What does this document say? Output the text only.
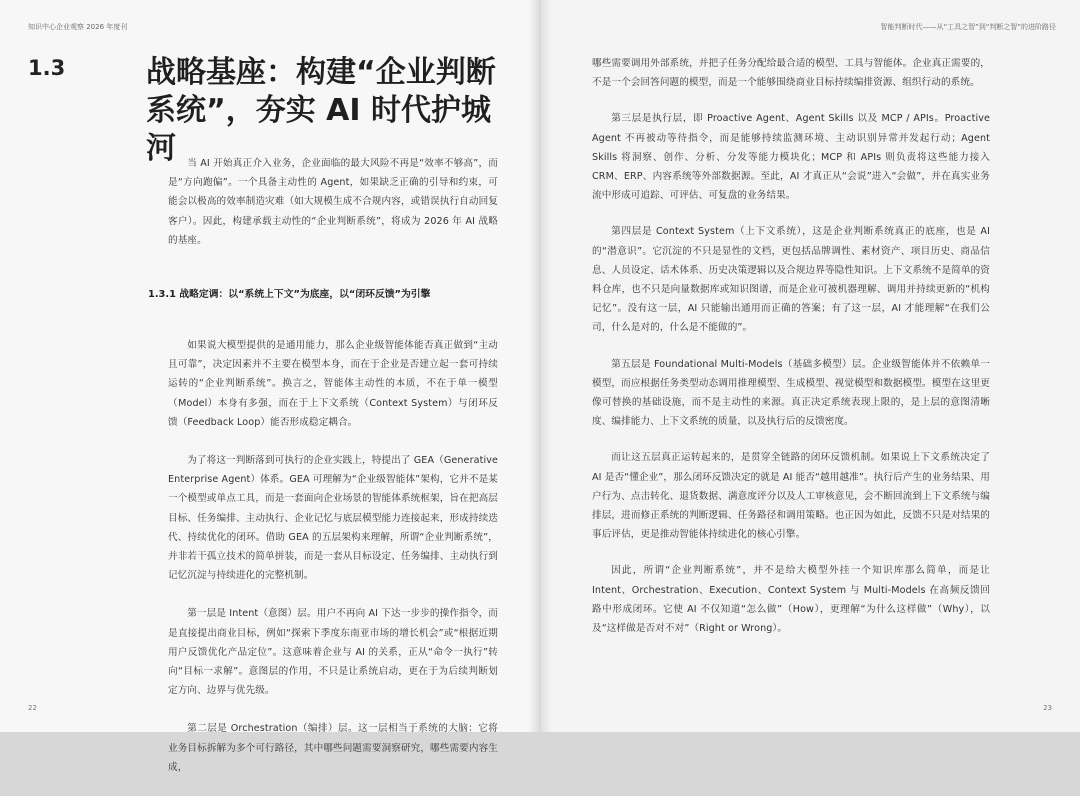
知识中心企业观察 2026 年度刊
1.3	战略基座：构建“企业判断系统”，夯实 AI 时代护城河	当 AI 开始真正介入业务，企业面临的最大风险不再是“效率不够高”，而是“方向跑偏”。一个具备主动性的 Agent，如果缺乏正确的引导和约束，可能会以极高的效率制造灾难（如大规模生成不合规内容，或错误执行自动回复客户）。因此，构建承载主动性的“企业判断系统”，将成为 2026 年 AI 战略的基座。

1.3.1 战略定调：以“系统上下文”为底座，以“闭环反馈”为引擎

如果说大模型提供的是通用能力，那么企业级智能体能否真正做到“主动且可靠”，决定因素并不主要在模型本身，而在于企业是否建立起一套可持续运转的“企业判断系统”。换言之，智能体主动性的本质，不在于单一模型（Model）本身有多强，而在于上下文系统（Context System）与闭环反馈（Feedback Loop）能否形成稳定耦合。

为了将这一判断落到可执行的企业实践上，特提出了 GEA（Generative Enterprise Agent）体系。GEA 可理解为“企业级智能体”架构，它并不是某一个模型或单点工具，而是一套面向企业场景的智能体系统框架，旨在把高层目标、任务编排、主动执行、企业记忆与底层模型能力连接起来，形成持续迭代、持续优化的闭环。借助 GEA 的五层架构来理解，所谓“企业判断系统”，并非若干孤立技术的简单拼装，而是一套从目标设定、任务编排、主动执行到记忆沉淀与持续进化的完整机制。

第一层是 Intent（意图）层。用户不再向 AI 下达一步步的操作指令，而是直接提出商业目标，例如“探索下季度东南亚市场的增长机会”或“根据近期用户反馈优化产品定位”。这意味着企业与 AI 的关系，正从“命令一执行”转向“目标一求解”。意图层的作用，不只是让系统启动，更在于为后续判断划定方向、边界与优先级。

第二层是 Orchestration（编排）层。这一层相当于系统的大脑：它将业务目标拆解为多个可行路径，其中哪些问题需要洞察研究，哪些需要内容生成，

22
智能判断时代——从“工具之智”到“判断之智”的进阶路径

哪些需要调用外部系统，并把子任务分配给最合适的模型、工具与智能体。企业真正需要的，不是一个会回答问题的模型，而是一个能够围绕商业目标持续编排资源、组织行动的系统。

第三层是执行层，即 Proactive Agent、Agent Skills 以及 MCP / APIs。Proactive Agent 不再被动等待指令，而是能够持续监测环境、主动识别异常并发起行动；Agent Skills 将洞察、创作、分析、分发等能力模块化；MCP 和 APIs 则负责将这些能力接入 CRM、ERP、内容系统等外部数据源。至此，AI 才真正从“会说”进入“会做”，并在真实业务流中形成可追踪、可评估、可复盘的业务结果。

第四层是 Context System（上下文系统），这是企业判断系统真正的底座，也是 AI 的“潜意识”。它沉淀的不只是显性的文档，更包括品牌调性、素材资产、项目历史、商品信息、人员设定、话术体系、历史决策逻辑以及合规边界等隐性知识。上下文系统不是简单的资料仓库，也不只是向量数据库或知识图谱，而是企业可被机器理解、调用并持续更新的“机构记忆”。没有这一层，AI 只能输出通用而正确的答案；有了这一层，AI 才能理解“在我们公司，什么是对的，什么是不能做的”。

第五层是 Foundational Multi-Models（基础多模型）层。企业级智能体并不依赖单一模型，而应根据任务类型动态调用推理模型、生成模型、视觉模型和数据模型。模型在这里更像可替换的基础设施，而不是主动性的来源。真正决定系统表现上限的，是上层的意图清晰度、编排能力、上下文系统的质量，以及执行后的反馈密度。

而让这五层真正运转起来的，是贯穿全链路的闭环反馈机制。如果说上下文系统决定了 AI 是否“懂企业”，那么闭环反馈决定的就是 AI 能否“越用越准”。执行后产生的业务结果、用户行为、点击转化、退货数据、满意度评分以及人工审核意见，会不断回流到上下文系统与编排层，进而修正系统的判断逻辑、任务路径和调用策略。也正因为如此，反馈不只是对结果的事后评估，更是推动智能体持续进化的核心引擎。

因此，所谓“企业判断系统”，并不是给大模型外挂一个知识库那么简单，而是让 Intent、Orchestration、Execution、Context System 与 Multi-Models 在高频反馈回路中形成闭环。它使 AI 不仅知道“怎么做”（How），更理解“为什么这样做”（Why），以及“这样做是否对不对”（Right or Wrong）。

23
